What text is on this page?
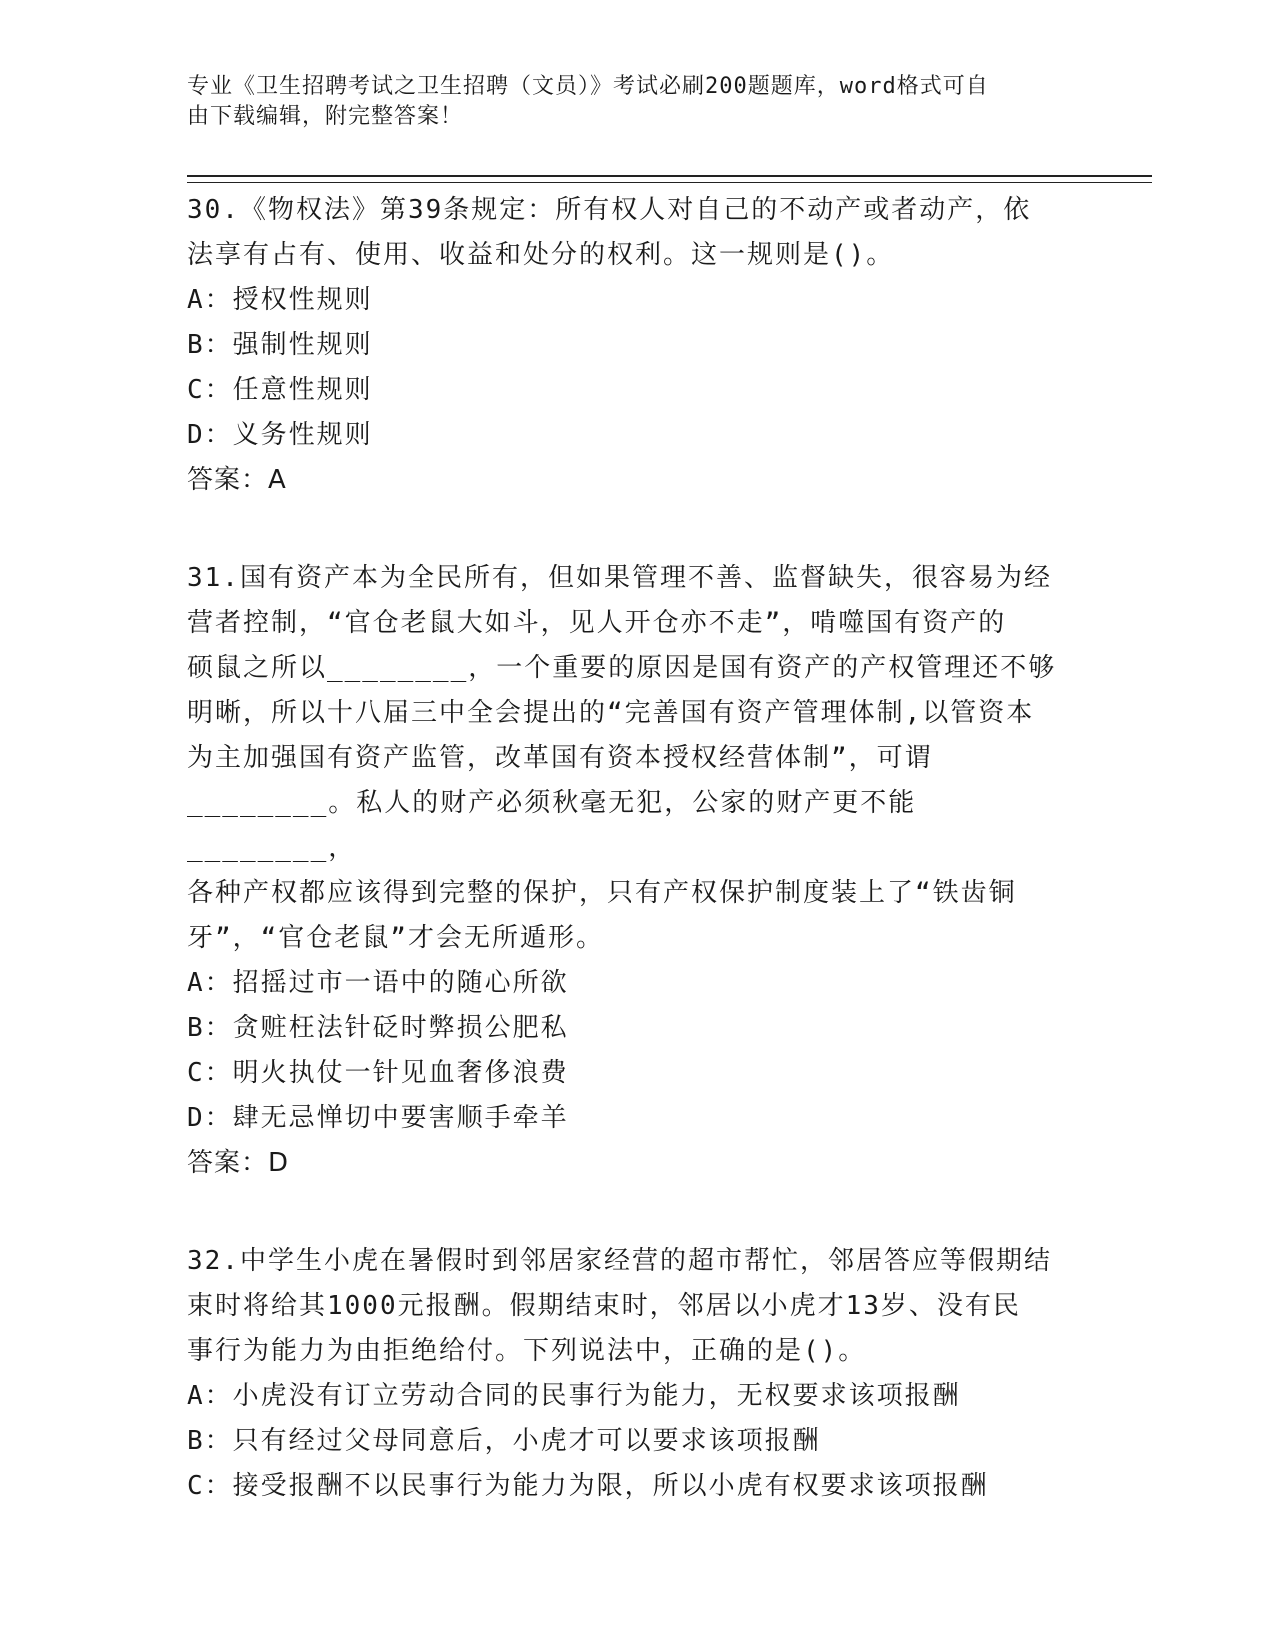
专业《卫生招聘考试之卫生招聘（文员）》考试必刷200题题库，word格式可自
由下载编辑，附完整答案！

30.《物权法》第39条规定：所有权人对自己的不动产或者动产，依

法享有占有、使用、收益和处分的权利。这一规则是()。

A：授权性规则

B：强制性规则

C：任意性规则

D：义务性规则

答案：A

31.国有资产本为全民所有，但如果管理不善、监督缺失，很容易为经

营者控制，“官仓老鼠大如斗，见人开仓亦不走”，啃噬国有资产的

硕鼠之所以________，一个重要的原因是国有资产的产权管理还不够

明晰，所以十八届三中全会提出的“完善国有资产管理体制,以管资本

为主加强国有资产监管，改革国有资本授权经营体制”，可谓

________。私人的财产必须秋毫无犯，公家的财产更不能________，

各种产权都应该得到完整的保护，只有产权保护制度装上了“铁齿铜

牙”，“官仓老鼠”才会无所遁形。

A：招摇过市一语中的随心所欲

B：贪赃枉法针砭时弊损公肥私

C：明火执仗一针见血奢侈浪费

D：肆无忌惮切中要害顺手牵羊

答案：D

32.中学生小虎在暑假时到邻居家经营的超市帮忙，邻居答应等假期结

束时将给其1000元报酬。假期结束时，邻居以小虎才13岁、没有民

事行为能力为由拒绝给付。下列说法中，正确的是()。

A：小虎没有订立劳动合同的民事行为能力，无权要求该项报酬

B：只有经过父母同意后，小虎才可以要求该项报酬

C：接受报酬不以民事行为能力为限，所以小虎有权要求该项报酬
